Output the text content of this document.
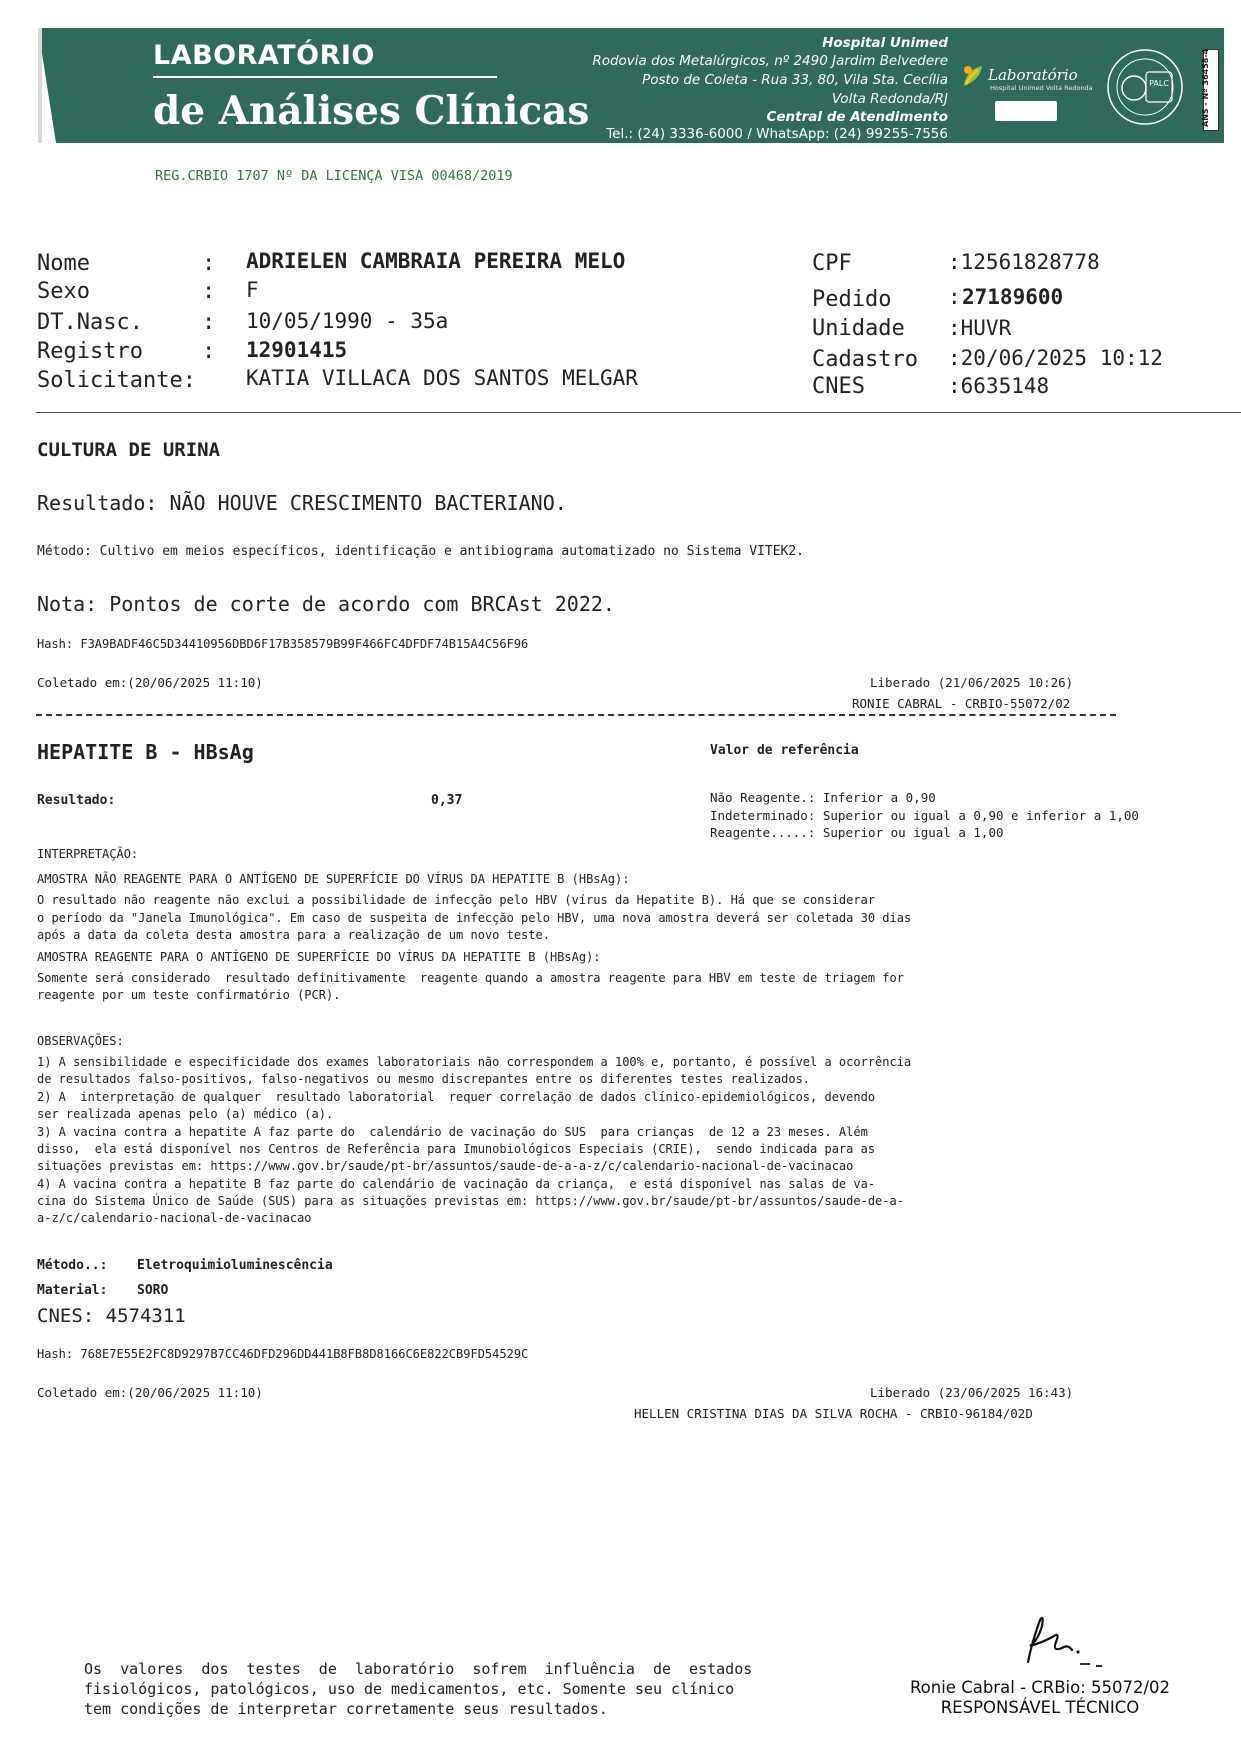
LABORATÓRIO
de Análises Clínicas
Hospital Unimed
Rodovia dos Metalúrgicos, nº 2490 Jardim Belvedere
Posto de Coleta - Rua 33, 80, Vila Sta. Cecília
Volta Redonda/RJ
Central de Atendimento
Tel.: (24) 3336-6000 / WhatsApp: (24) 99255-7556
Laboratório
Hospital Unimed Volta Redonda	PALC	ANS - Nº 36458-4
REG.CRBIO 1707 Nº DA LICENÇA VISA 00468/2019
Nome	: ADRIELEN CAMBRAIA PEREIRA MELO
Sexo	: F
DT.Nasc.	: 10/05/1990 - 35a
Registro	: 12901415
Solicitante: KATIA VILLACA DOS SANTOS MELGAR
CPF	:12561828778
Pedido	: 27189600
Unidade :HUVR
Cadastro :20/06/2025 10:12
CNES	:6635148
CULTURA DE URINA
Resultado: NÃO HOUVE CRESCIMENTO BACTERIANO.
Método: Cultivo em meios específicos, identificação e antibiograma automatizado no Sistema VITEK2.
Nota: Pontos de corte de acordo com BRCAst 2022.
Hash: F3A9BADF46C5D34410956DBD6F17B358579B99F466FC4DFDF74B15A4C56F96
Coletado em:(20/06/2025 11:10)	Liberado (21/06/2025 10:26)
RONIE CABRAL - CRBIO-55072/02
HEPATITE B - HBsAg	Valor de referência
Resultado:	0,37	Não Reagente.: Inferior a 0,90
Indeterminado: Superior ou igual a 0,90 e inferior a 1,00
Reagente.....: Superior ou igual a 1,00
INTERPRETAÇÃO:
AMOSTRA NÃO REAGENTE PARA O ANTÍGENO DE SUPERFÍCIE DO VÍRUS DA HEPATITE B (HBsAg):
O resultado não reagente não exclui a possibilidade de infecção pelo HBV (vírus da Hepatite B). Há que se considerar
o período da "Janela Imunológica". Em caso de suspeita de infecção pelo HBV, uma nova amostra deverá ser coletada 30 dias
após a data da coleta desta amostra para a realização de um novo teste.
AMOSTRA REAGENTE PARA O ANTÍGENO DE SUPERFÍCIE DO VÍRUS DA HEPATITE B (HBsAg):
Somente será considerado  resultado definitivamente  reagente quando a amostra reagente para HBV em teste de triagem for
reagente por um teste confirmatório (PCR).
OBSERVAÇÕES:
1) A sensibilidade e especificidade dos exames laboratoriais não correspondem a 100% e, portanto, é possível a ocorrência
de resultados falso-positivos, falso-negativos ou mesmo discrepantes entre os diferentes testes realizados.
2) A  interpretação de qualquer  resultado laboratorial  requer correlação de dados clínico-epidemiológicos, devendo
ser realizada apenas pelo (a) médico (a).
3) A vacina contra a hepatite A faz parte do  calendário de vacinação do SUS  para crianças  de 12 a 23 meses. Além
disso,  ela está disponível nos Centros de Referência para Imunobiológicos Especiais (CRIE),  sendo indicada para as
situações previstas em: https://www.gov.br/saude/pt-br/assuntos/saude-de-a-a-z/c/calendario-nacional-de-vacinacao
4) A vacina contra a hepatite B faz parte do calendário de vacinação da criança,  e está disponível nas salas de va-
cina do Sistema Único de Saúde (SUS) para as situações previstas em: https://www.gov.br/saude/pt-br/assuntos/saude-de-a-
a-z/c/calendario-nacional-de-vacinacao
Método..: Eletroquimioluminescência
Material: SORO
CNES: 4574311
Hash: 768E7E55E2FC8D9297B7CC46DFD296DD441B8FB8D8166C6E822CB9FD54529C
Coletado em:(20/06/2025 11:10)	Liberado (23/06/2025 16:43)
HELLEN CRISTINA DIAS DA SILVA ROCHA - CRBIO-96184/02D
Os  valores  dos  testes  de  laboratório  sofrem  influência  de  estados
fisiológicos, patológicos, uso de medicamentos, etc. Somente seu clínico
tem condições de interpretar corretamente seus resultados.
Ronie Cabral - CRBio: 55072/02
RESPONSÁVEL TÉCNICO
